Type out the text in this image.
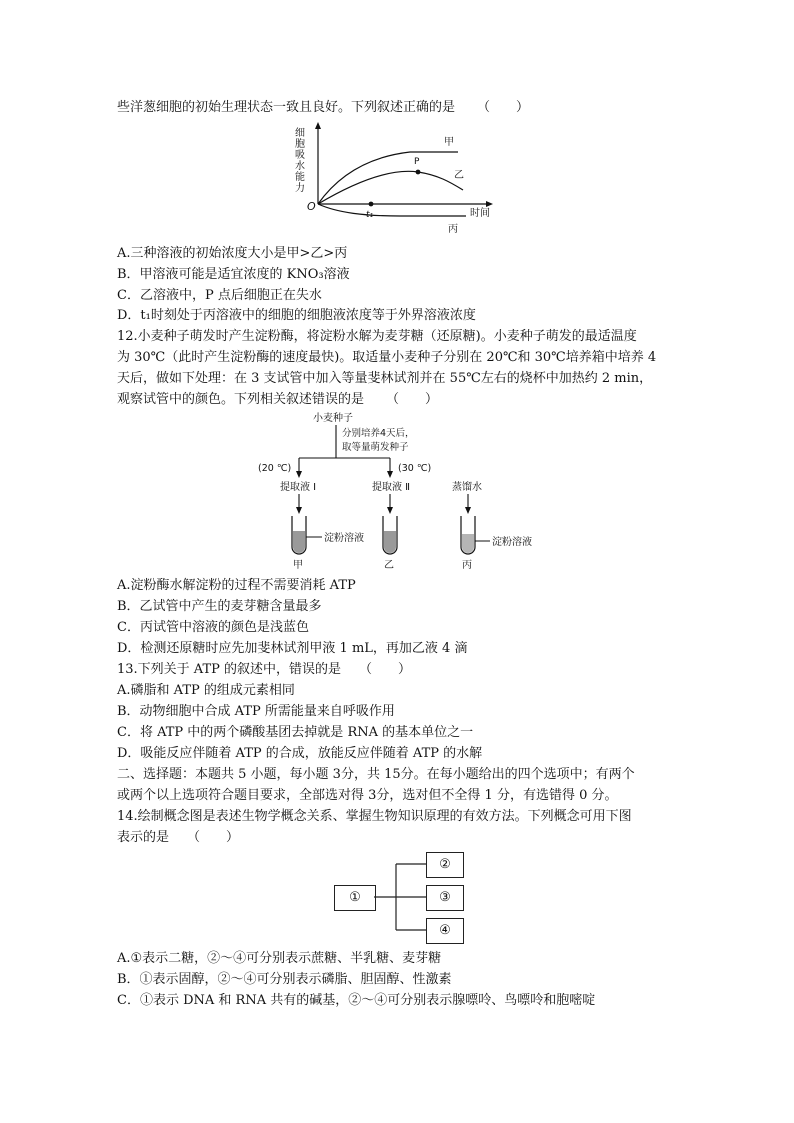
些洋葱细胞的初始生理状态一致且良好。下列叙述正确的是 （　　）
细
胞
吸
水
能
力
O
甲
P
乙
丙
t₁	时间
A.三种溶液的初始浓度大小是甲>乙>丙
B．甲溶液可能是适宜浓度的 KNO₃溶液
C．乙溶液中，P 点后细胞正在失水
D．t₁时刻处于丙溶液中的细胞的细胞液浓度等于外界溶液浓度
12.小麦种子萌发时产生淀粉酶，将淀粉水解为麦芽糖（还原糖)。小麦种子萌发的最适温度
为 30℃（此时产生淀粉酶的速度最快)。取适量小麦种子分别在 20℃和 30℃培养箱中培养 4
天后，做如下处理：在 3 支试管中加入等量斐林试剂并在 55℃左右的烧杯中加热约 2 min，
观察试管中的颜色。下列相关叙述错误的是 （　　）
小麦种子
分别培养4天后，
取等量萌发种子
(20 ℃)	(30 ℃)
提取液 Ⅰ	提取液 Ⅱ	蒸馏水
淀粉溶液	淀粉溶液
甲	乙	丙
A.淀粉酶水解淀粉的过程不需要消耗 ATP
B．乙试管中产生的麦芽糖含量最多
C．丙试管中溶液的颜色是浅蓝色
D．检测还原糖时应先加斐林试剂甲液 1 mL，再加乙液 4 滴
13.下列关于 ATP 的叙述中，错误的是 （　　）
A.磷脂和 ATP 的组成元素相同
B．动物细胞中合成 ATP 所需能量来自呼吸作用
C．将 ATP 中的两个磷酸基团去掉就是 RNA 的基本单位之一
D．吸能反应伴随着 ATP 的合成，放能反应伴随着 ATP 的水解
二、选择题：本题共 5 小题，每小题 3分，共 15分。在每小题给出的四个选项中；有两个
或两个以上选项符合题目要求，全部选对得 3分，选对但不全得 1 分，有选错得 0 分。
14.绘制概念图是表述生物学概念关系、掌握生物知识原理的有效方法。下列概念可用下图
表示的是 （　　）
①
②
③
④
A.①表示二糖，②～④可分别表示蔗糖、半乳糖、麦芽糖
B．①表示固醇，②～④可分别表示磷脂、胆固醇、性激素
C．①表示 DNA 和 RNA 共有的碱基，②～④可分别表示腺嘌呤、鸟嘌呤和胞嘧啶
